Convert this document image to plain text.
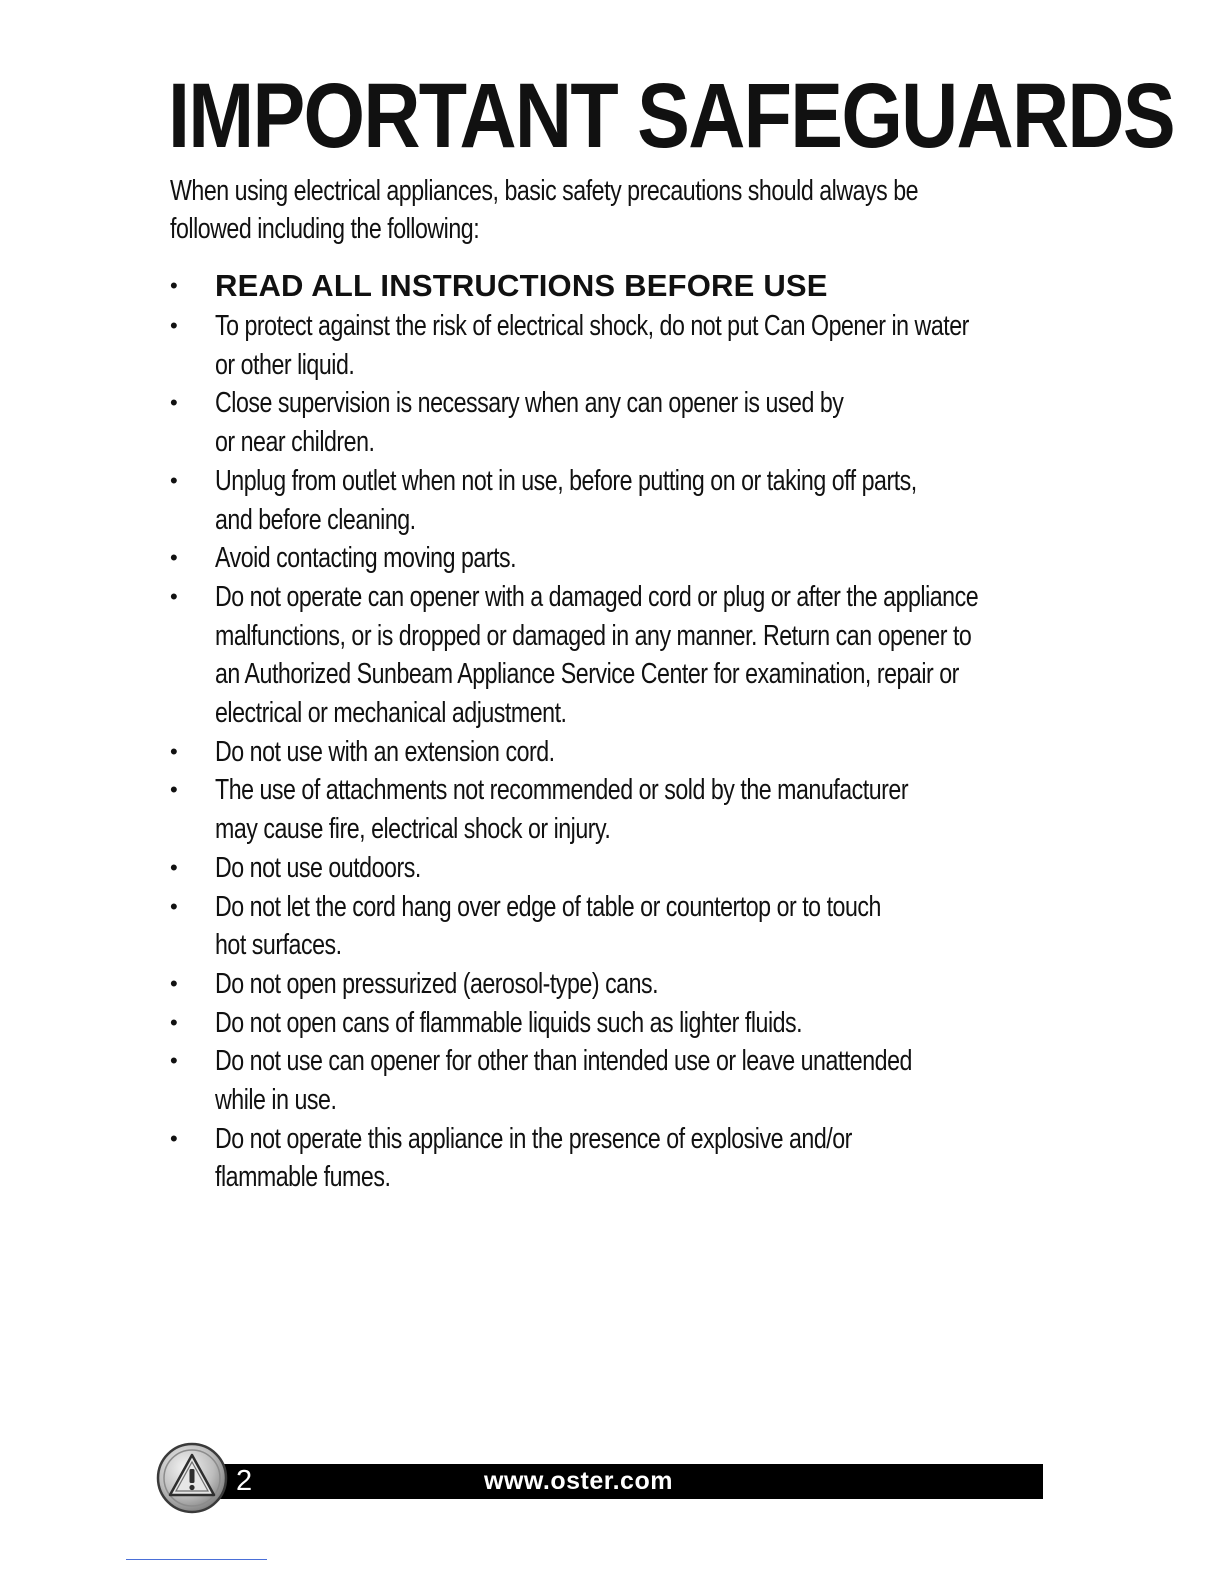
IMPORTANT SAFEGUARDS

When using electrical appliances, basic safety precautions should always be
followed including the following:

• READ ALL INSTRUCTIONS BEFORE USE
• To protect against the risk of electrical shock, do not put Can Opener in water
or other liquid.
• Close supervision is necessary when any can opener is used by
or near children.
• Unplug from outlet when not in use, before putting on or taking off parts,
and before cleaning.
• Avoid contacting moving parts.
• Do not operate can opener with a damaged cord or plug or after the appliance
malfunctions, or is dropped or damaged in any manner. Return can opener to
an Authorized Sunbeam Appliance Service Center for examination, repair or
electrical or mechanical adjustment.
• Do not use with an extension cord.
• The use of attachments not recommended or sold by the manufacturer
may cause fire, electrical shock or injury.
• Do not use outdoors.
• Do not let the cord hang over edge of table or countertop or to touch
hot surfaces.
• Do not open pressurized (aerosol-type) cans.
• Do not open cans of flammable liquids such as lighter fluids.
• Do not use can opener for other than intended use or leave unattended
while in use.
• Do not operate this appliance in the presence of explosive and/or
flammable fumes.
2	www.oster.com
